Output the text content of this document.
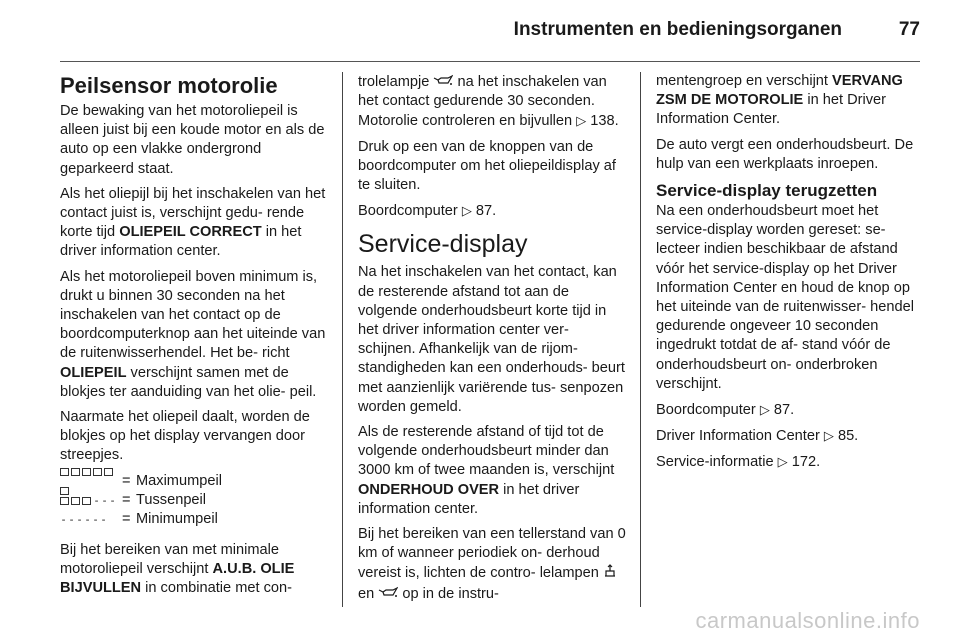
Instrumenten en bedieningsorganen	77
Peilsensor motorolie

De bewaking van het motoroliepeil is alleen juist bij een koude motor en als de auto op een vlakke ondergrond geparkeerd staat.

Als het oliepijl bij het inschakelen van het contact juist is, verschijnt gedu- rende korte tijd OLIEPEIL CORRECT in het driver information center.

Als het motoroliepeil boven minimum is, drukt u binnen 30 seconden na het inschakelen van het contact op de boordcomputerknop aan het uiteinde van de ruitenwisserhendel. Het be- richt OLIEPEIL verschijnt samen met de blokjes ter aanduiding van het olie- peil.

Naarmate het oliepeil daalt, worden de blokjes op het display vervangen door streepjes.

= Maximumpeil
--- = Tussenpeil
------ = Minimumpeil

Bij het bereiken van met minimale motoroliepeil verschijnt A.U.B. OLIE BIJVULLEN in combinatie met con-

trolelampje  na het inschakelen van het contact gedurende 30 seconden. Motorolie controleren en bijvullen ▷ 138.

Druk op een van de knoppen van de boordcomputer om het oliepeildisplay af te sluiten.

Boordcomputer ▷ 87.

Service-display

Na het inschakelen van het contact, kan de resterende afstand tot aan de volgende onderhoudsbeurt korte tijd in het driver information center ver- schijnen. Afhankelijk van de rijom- standigheden kan een onderhouds- beurt met aanzienlijk variërende tus- senpozen worden gemeld.

Als de resterende afstand of tijd tot de volgende onderhoudsbeurt minder dan 3000 km of twee maanden is, verschijnt ONDERHOUD OVER in het driver information center.

Bij het bereiken van een tellerstand van 0 km of wanneer periodiek on- derhoud vereist is, lichten de contro- lelampen  en  op in de instru-

mentengroep en verschijnt VERVANG ZSM DE MOTOROLIE in het Driver Information Center.

De auto vergt een onderhoudsbeurt. De hulp van een werkplaats inroepen.

Service-display terugzetten

Na een onderhoudsbeurt moet het service-display worden gereset: se- lecteer indien beschikbaar de afstand vóór het service-display op het Driver Information Center en houd de knop op het uiteinde van de ruitenwisser- hendel gedurende ongeveer 10 seconden ingedrukt totdat de af- stand vóór de onderhoudsbeurt on- onderbroken verschijnt.

Boordcomputer ▷ 87.

Driver Information Center ▷ 85.

Service-informatie ▷ 172.

carmanualsonline.info
